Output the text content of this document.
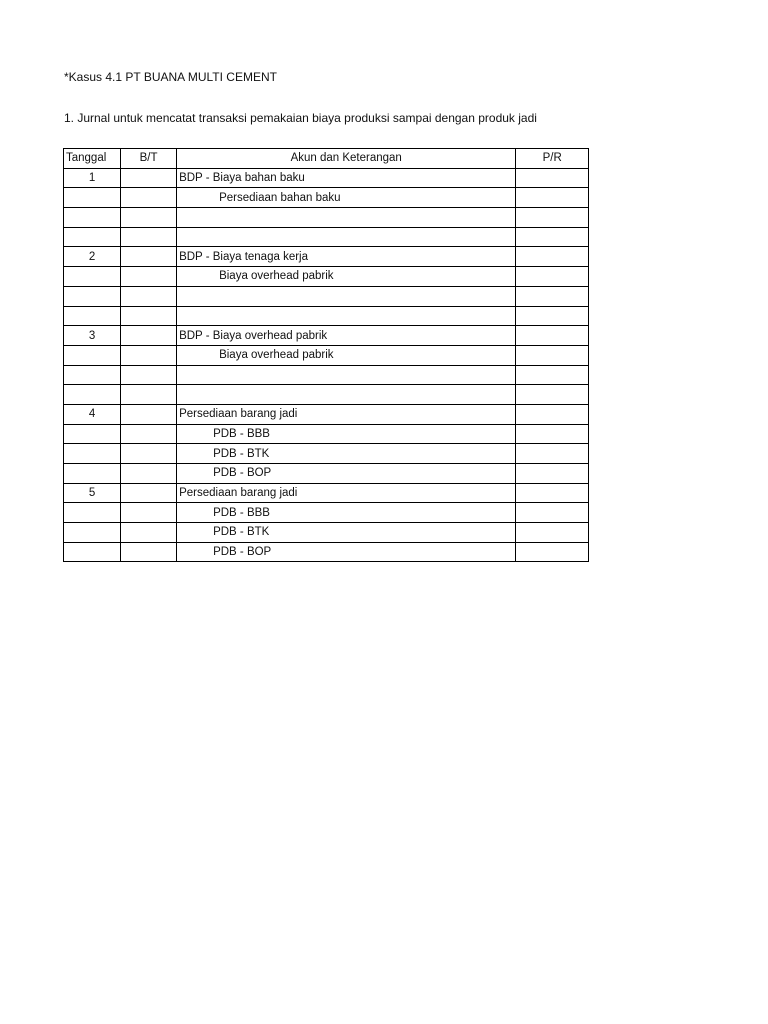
*Kasus 4.1 PT BUANA MULTI CEMENT
1. Jurnal untuk mencatat transaksi pemakaian biaya produksi sampai dengan produk jadi
Tanggal	B/T	Akun dan Keterangan	P/R
1		BDP - Biaya bahan baku	
		Persediaan bahan baku	

2		BDP - Biaya tenaga kerja	
		Biaya overhead pabrik	

3		BDP - Biaya overhead pabrik	
		Biaya overhead pabrik	

4		Persediaan barang jadi	
		PDB - BBB	
		PDB - BTK	
		PDB - BOP	
5		Persediaan barang jadi	
		PDB - BBB	
		PDB - BTK	
		PDB - BOP	
